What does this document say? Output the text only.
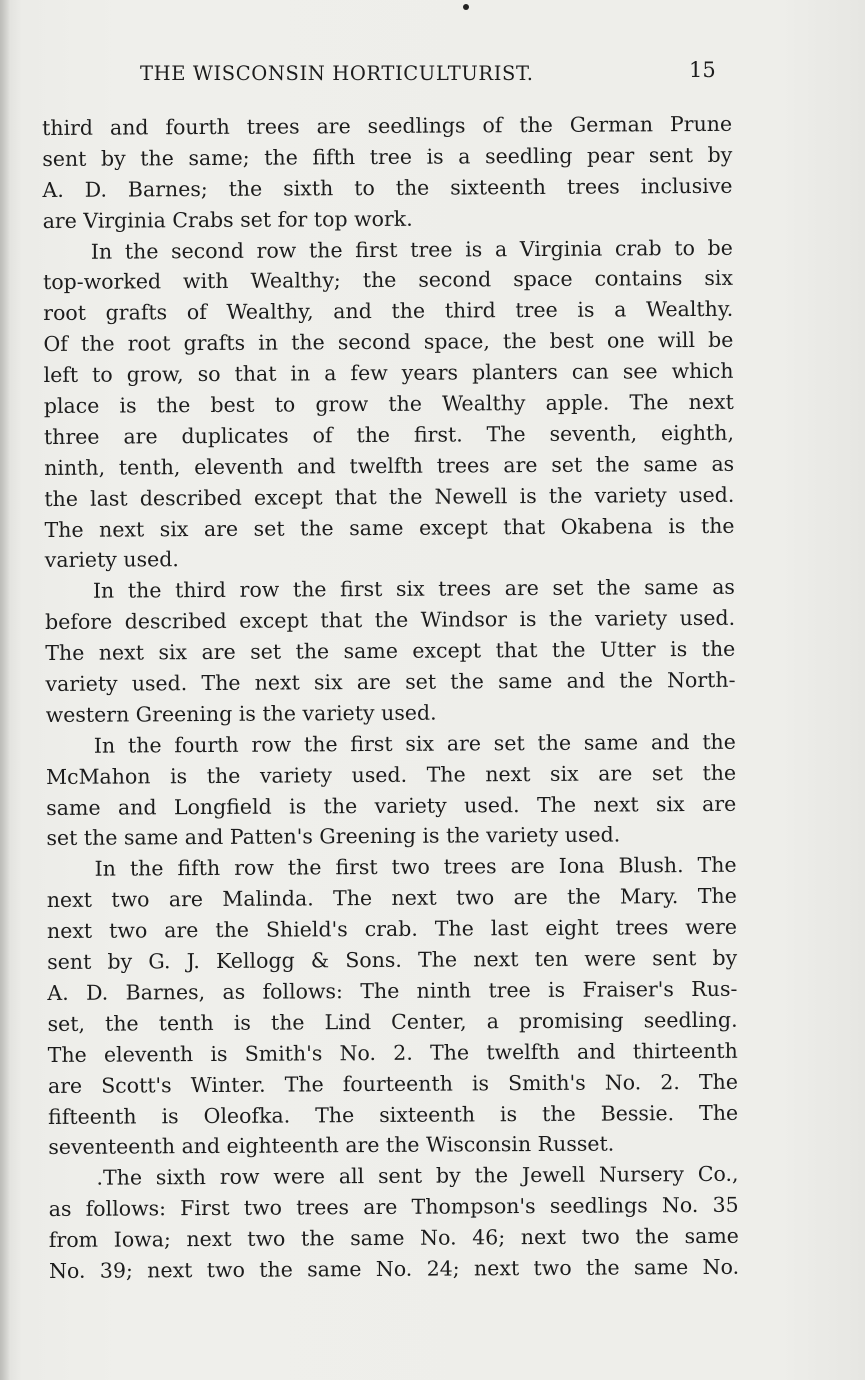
THE WISCONSIN HORTICULTURIST.	15
third and fourth trees are seedlings of the German Prune
sent by the same; the fifth tree is a seedling pear sent by
A. D. Barnes; the sixth to the sixteenth trees inclusive
are Virginia Crabs set for top work.
In the second row the first tree is a Virginia crab to be
top-worked with Wealthy; the second space contains six
root grafts of Wealthy, and the third tree is a Wealthy.
Of the root grafts in the second space, the best one will be
left to grow, so that in a few years planters can see which
place is the best to grow the Wealthy apple. The next
three are duplicates of the first. The seventh, eighth,
ninth, tenth, eleventh and twelfth trees are set the same as
the last described except that the Newell is the variety used.
The next six are set the same except that Okabena is the
variety used.
In the third row the first six trees are set the same as
before described except that the Windsor is the variety used.
The next six are set the same except that the Utter is the
variety used. The next six are set the same and the North-
western Greening is the variety used.
In the fourth row the first six are set the same and the
McMahon is the variety used. The next six are set the
same and Longfield is the variety used. The next six are
set the same and Patten's Greening is the variety used.
In the fifth row the first two trees are Iona Blush. The
next two are Malinda. The next two are the Mary. The
next two are the Shield's crab. The last eight trees were
sent by G. J. Kellogg & Sons. The next ten were sent by
A. D. Barnes, as follows: The ninth tree is Fraiser's Rus-
set, the tenth is the Lind Center, a promising seedling.
The eleventh is Smith's No. 2. The twelfth and thirteenth
are Scott's Winter. The fourteenth is Smith's No. 2. The
fifteenth is Oleofka. The sixteenth is the Bessie. The
seventeenth and eighteenth are the Wisconsin Russet.
.The sixth row were all sent by the Jewell Nursery Co.,
as follows: First two trees are Thompson's seedlings No. 35
from Iowa; next two the same No. 46; next two the same
No. 39; next two the same No. 24; next two the same No.
